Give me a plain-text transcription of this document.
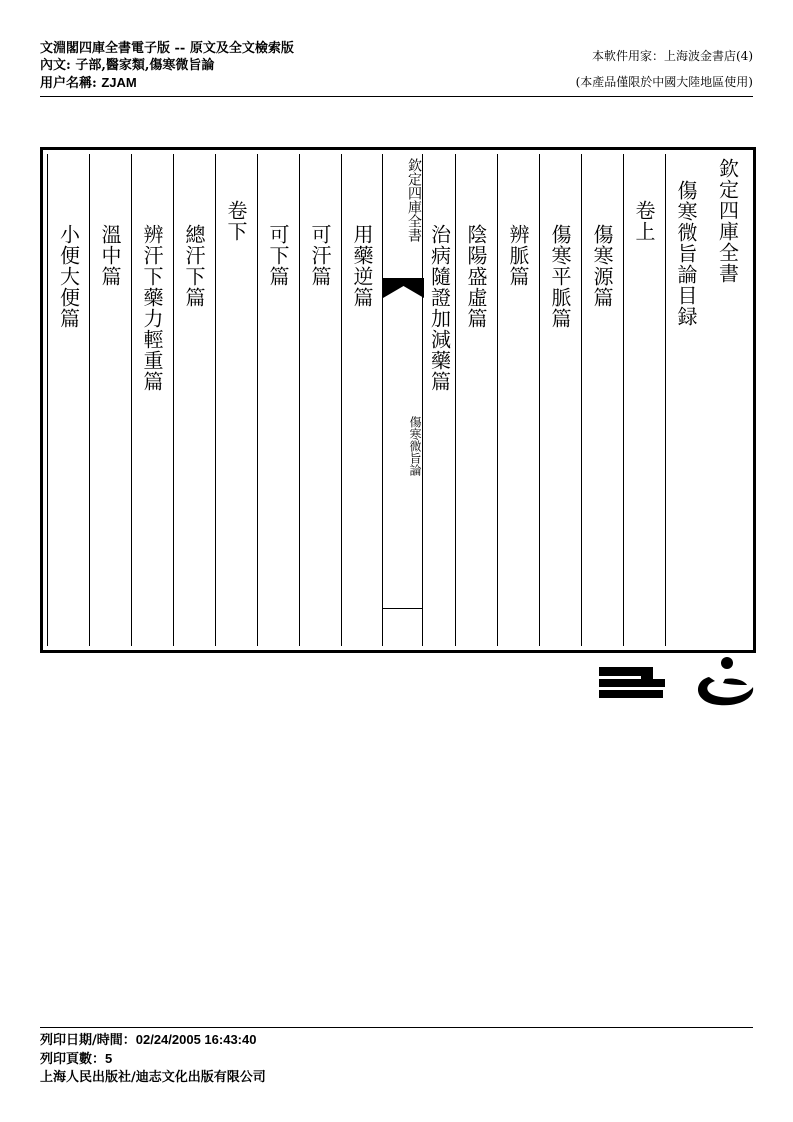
文淵閣四庫全書電子版 -- 原文及全文檢索版
內文: 子部,醫家類,傷寒微旨論
用户名稱: ZJAM
本軟件用家：上海波金書店(4)
(本產品僅限於中國大陸地區使用)
欽定四庫全書
傷寒微旨論目録
卷上
傷寒源篇
傷寒平脈篇
辨脈篇
陰陽盛虛篇
治病隨證加減藥篇
欽定四庫全書
傷寒微旨論
用藥逆篇
可汗篇
可下篇
卷下
總汗下篇
辨汗下藥力輕重篇
溫中篇
小便大便篇
列印日期/時間：02/24/2005 16:43:40
列印頁數：5
上海人民出版社/迪志文化出版有限公司
